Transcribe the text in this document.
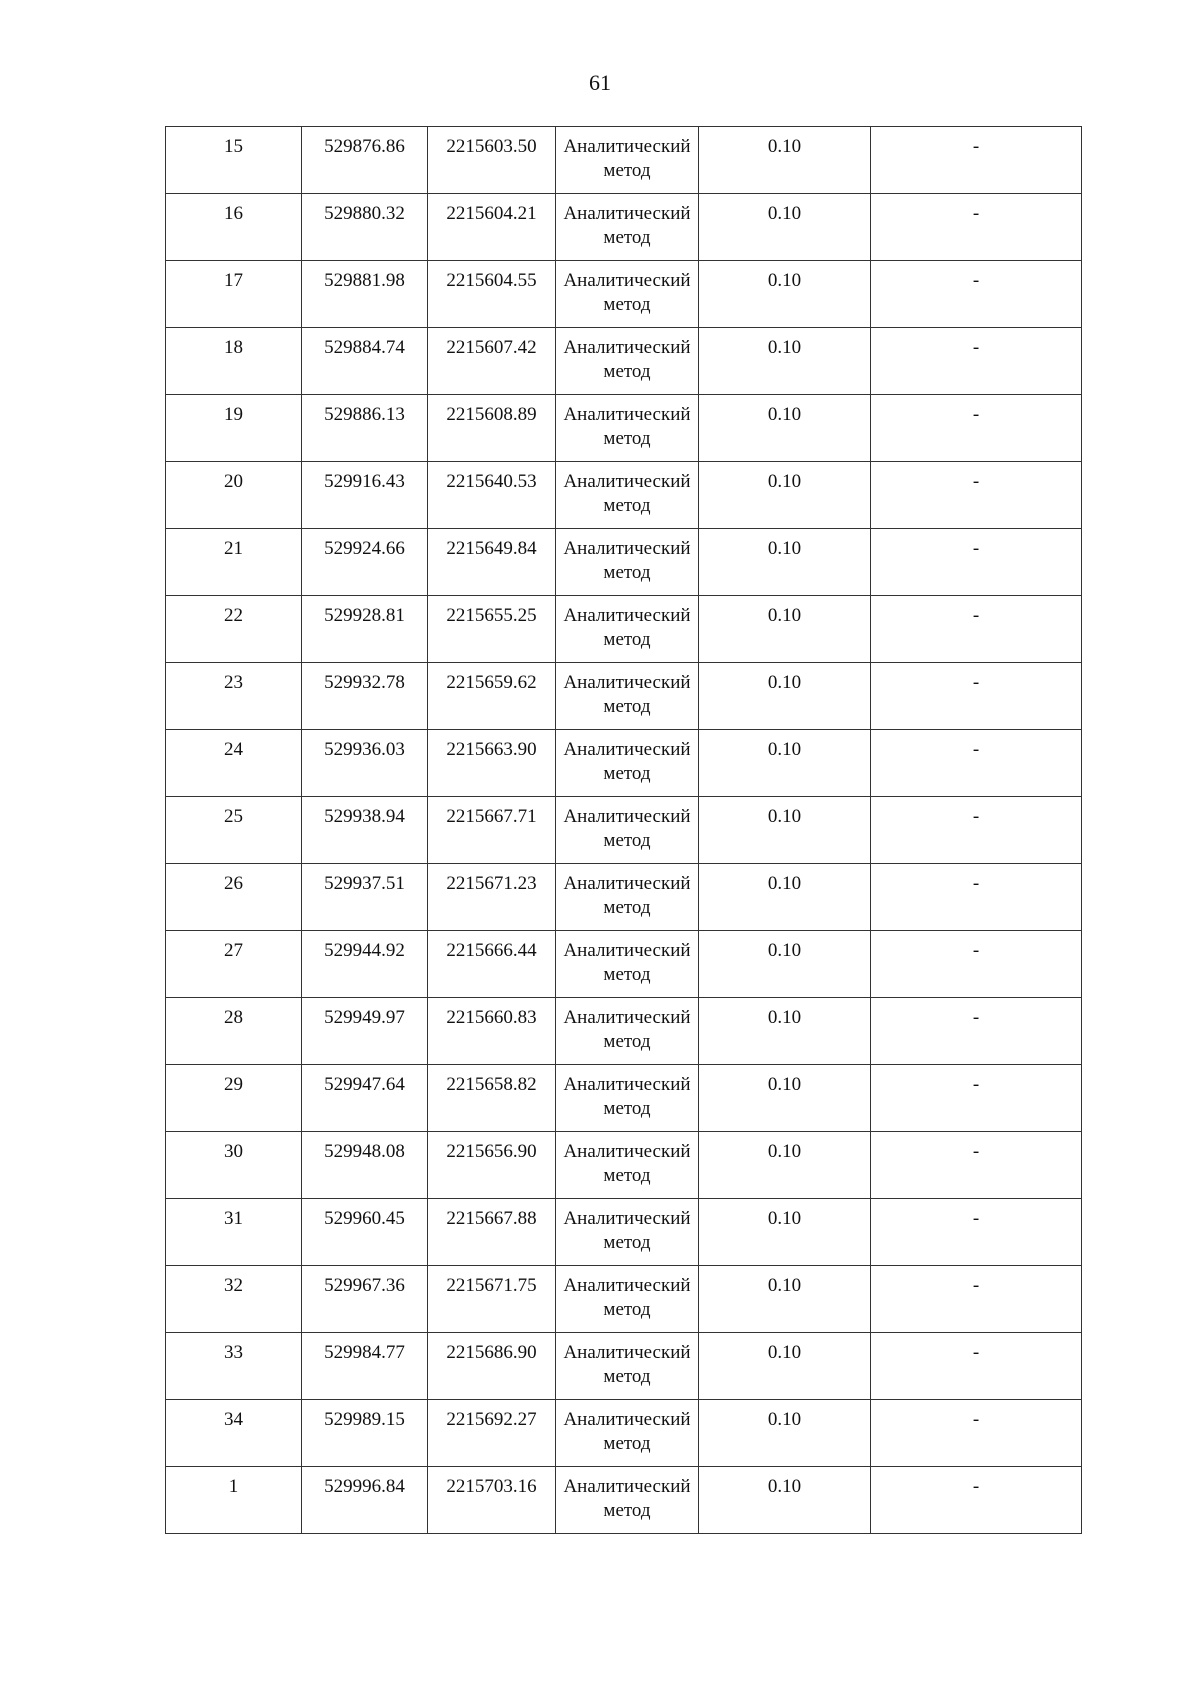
61
15	529876.86	2215603.50	Аналитический метод	0.10	-
16	529880.32	2215604.21	Аналитический метод	0.10	-
17	529881.98	2215604.55	Аналитический метод	0.10	-
18	529884.74	2215607.42	Аналитический метод	0.10	-
19	529886.13	2215608.89	Аналитический метод	0.10	-
20	529916.43	2215640.53	Аналитический метод	0.10	-
21	529924.66	2215649.84	Аналитический метод	0.10	-
22	529928.81	2215655.25	Аналитический метод	0.10	-
23	529932.78	2215659.62	Аналитический метод	0.10	-
24	529936.03	2215663.90	Аналитический метод	0.10	-
25	529938.94	2215667.71	Аналитический метод	0.10	-
26	529937.51	2215671.23	Аналитический метод	0.10	-
27	529944.92	2215666.44	Аналитический метод	0.10	-
28	529949.97	2215660.83	Аналитический метод	0.10	-
29	529947.64	2215658.82	Аналитический метод	0.10	-
30	529948.08	2215656.90	Аналитический метод	0.10	-
31	529960.45	2215667.88	Аналитический метод	0.10	-
32	529967.36	2215671.75	Аналитический метод	0.10	-
33	529984.77	2215686.90	Аналитический метод	0.10	-
34	529989.15	2215692.27	Аналитический метод	0.10	-
1	529996.84	2215703.16	Аналитический метод	0.10	-
